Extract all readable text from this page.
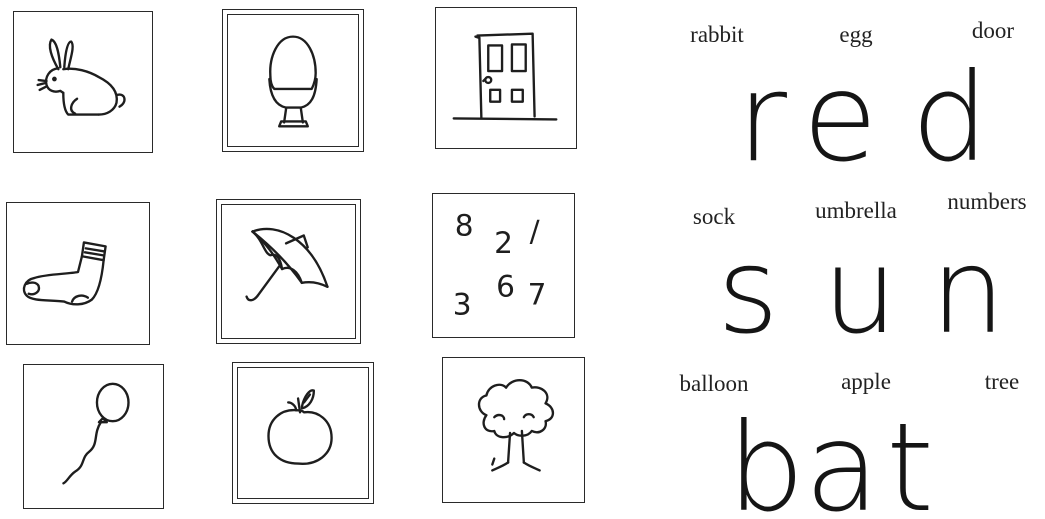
8
2 /
3
6 7
rabbit	egg	door
r e d
sock	umbrella numbers
s u n
balloon	apple	tree
b a t
